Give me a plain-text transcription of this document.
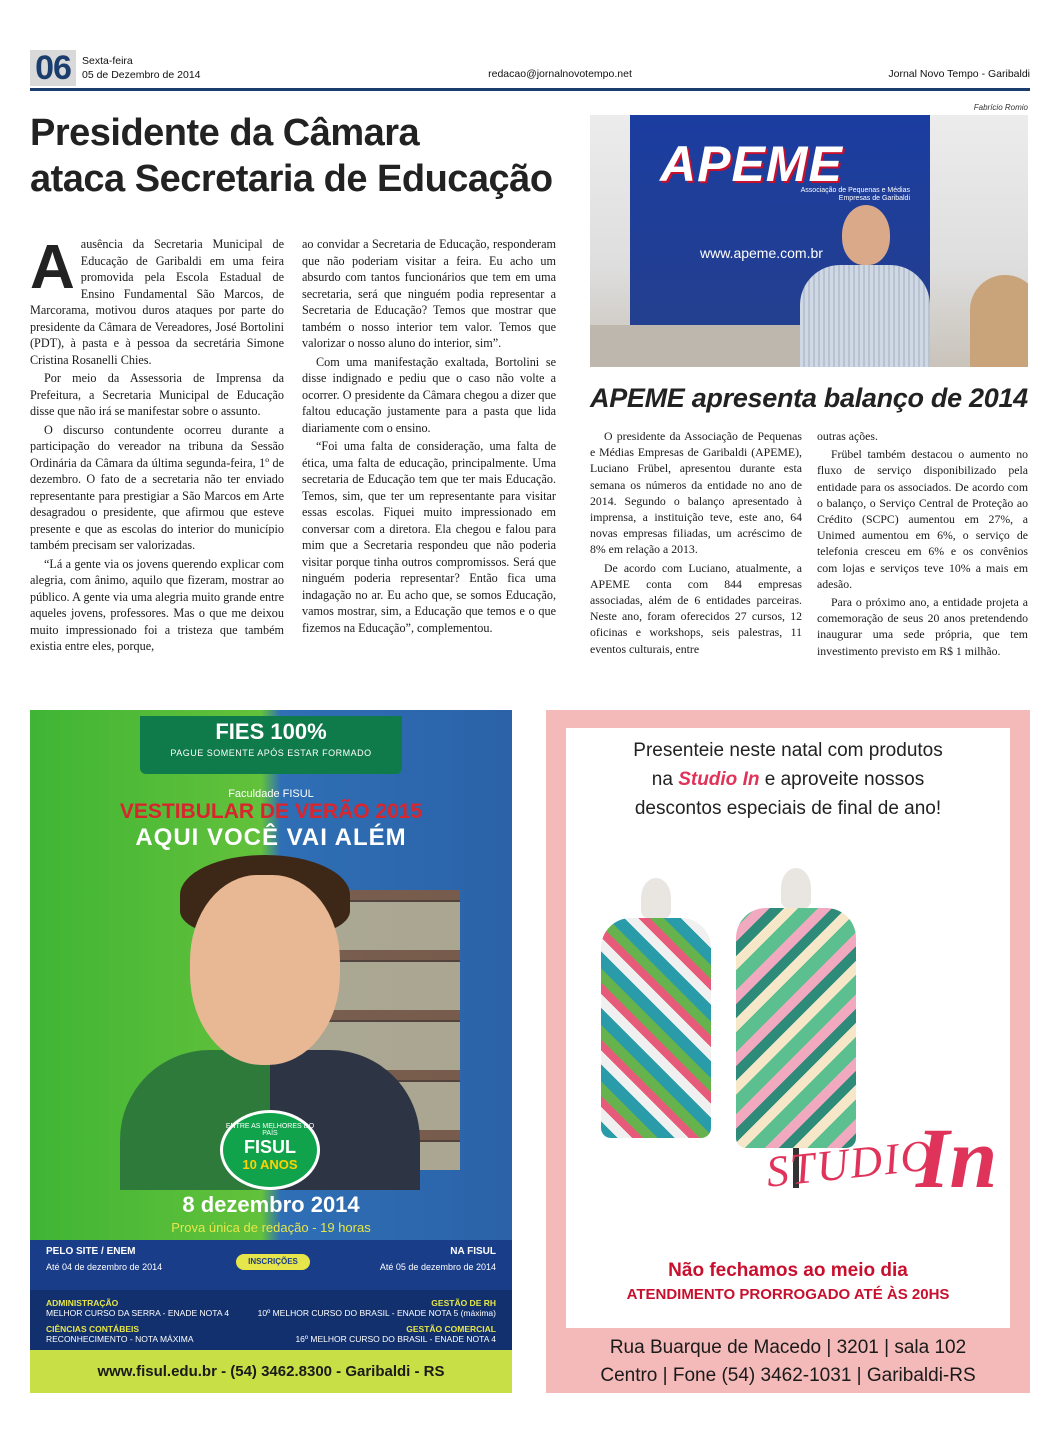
06	Sexta-feira
05 de Dezembro de 2014	redacao@jornalnovotempo.net	Jornal Novo Tempo - Garibaldi
Presidente da Câmara
ataca Secretaria de Educação

A ausência da Secretaria Municipal de Educação de Garibaldi em uma feira promovida pela Escola Estadual de Ensino Fundamental São Marcos, de Marcorama, motivou duros ataques por parte do presidente da Câmara de Vereadores, José Bortolini (PDT), à pasta e à pessoa da secretária Simone Cristina Rosanelli Chies.

Por meio da Assessoria de Imprensa da Prefeitura, a Secretaria Municipal de Educação disse que não irá se manifestar sobre o assunto.

O discurso contundente ocorreu durante a participação do vereador na tribuna da Sessão Ordinária da Câmara da última segunda-feira, 1º de dezembro. O fato de a secretaria não ter enviado representante para prestigiar a São Marcos em Arte desagradou o presidente, que afirmou que esteve presente e que as escolas do interior do município também precisam ser valorizadas.

“Lá a gente via os jovens querendo explicar com alegria, com ânimo, aquilo que fizeram, mostrar ao público. A gente via uma alegria muito grande entre aqueles jovens, professores. Mas o que me deixou muito impressionado foi a tristeza que também existia entre eles, porque,

ao convidar a Secretaria de Educação, responderam que não poderiam visitar a feira. Eu acho um absurdo com tantos funcionários que tem em uma secretaria, será que ninguém podia representar a Secretaria de Educação? Temos que mostrar que também o nosso interior tem valor. Temos que valorizar o nosso aluno do interior, sim”.

Com uma manifestação exaltada, Bortolini se disse indignado e pediu que o caso não volte a ocorrer. O presidente da Câmara chegou a dizer que faltou educação justamente para a pasta que lida diariamente com o ensino.

“Foi uma falta de consideração, uma falta de ética, uma falta de educação, principalmente. Uma secretaria de Educação tem que ter mais Educação. Temos, sim, que ter um representante para visitar essas escolas. Fiquei muito impressionado em conversar com a diretora. Ela chegou e falou para mim que a Secretaria respondeu que não poderia visitar porque tinha outros compromissos. Será que ninguém poderia representar? Então fica uma indagação no ar. Eu acho que, se somos Educação, vamos mostrar, sim, a Educação que temos e o que fizemos na Educação”, complementou.

Fabrício Romio
APEME
Associação de Pequenas e Médias Empresas de Garibaldi
www.apeme.com.br
APEME apresenta balanço de 2014

O presidente da Associação de Pequenas e Médias Empresas de Garibaldi (APEME), Luciano Frübel, apresentou durante esta semana os números da entidade no ano de 2014. Segundo o balanço apresentado à imprensa, a instituição teve, este ano, 64 novas empresas filiadas, um acréscimo de 8% em relação a 2013.

De acordo com Luciano, atualmente, a APEME conta com 844 empresas associadas, além de 6 entidades parceiras. Neste ano, foram oferecidos 27 cursos, 12 oficinas e workshops, seis palestras, 11 eventos culturais, entre

outras ações.

Frübel também destacou o aumento no fluxo de serviço disponibilizado pela entidade para os associados. De acordo com o balanço, o Serviço Central de Proteção ao Crédito (SCPC) aumentou em 27%, a Unimed aumentou em 6%, o serviço de telefonia cresceu em 6% e os convênios com lojas e serviços teve 10% a mais em adesão.

Para o próximo ano, a entidade projeta a comemoração de seus 20 anos pretendendo inaugurar uma sede própria, que tem investimento previsto em R$ 1 milhão.

FIES 100%
PAGUE SOMENTE APÓS ESTAR FORMADO
Faculdade FISUL
VESTIBULAR DE VERÃO 2015
AQUI VOCÊ VAI ALÉM
ENTRE AS MELHORES DO PAÍS
FISUL
10 ANOS
8 dezembro 2014
Prova única de redação - 19 horas
PELO SITE / ENEM
Até 04 de dezembro de 2014
INSCRIÇÕES
NA FISUL
Até 05 de dezembro de 2014
ADMINISTRAÇÃO
MELHOR CURSO DA SERRA - ENADE NOTA 4
CIÊNCIAS CONTÁBEIS
RECONHECIMENTO - NOTA MÁXIMA
GESTÃO DE RH
10º MELHOR CURSO DO BRASIL - ENADE NOTA 5 (máxima)
GESTÃO COMERCIAL
16º MELHOR CURSO DO BRASIL - ENADE NOTA 4
www.fisul.edu.br - (54) 3462.8300 - Garibaldi - RS
Presenteie neste natal com produtos
na Studio In e aproveite nossos
descontos especiais de final de ano!
STUDIO
In
Não fechamos ao meio dia
ATENDIMENTO PRORROGADO ATÉ ÀS 20HS
Rua Buarque de Macedo | 3201 | sala 102
Centro | Fone (54) 3462-1031 | Garibaldi-RS
